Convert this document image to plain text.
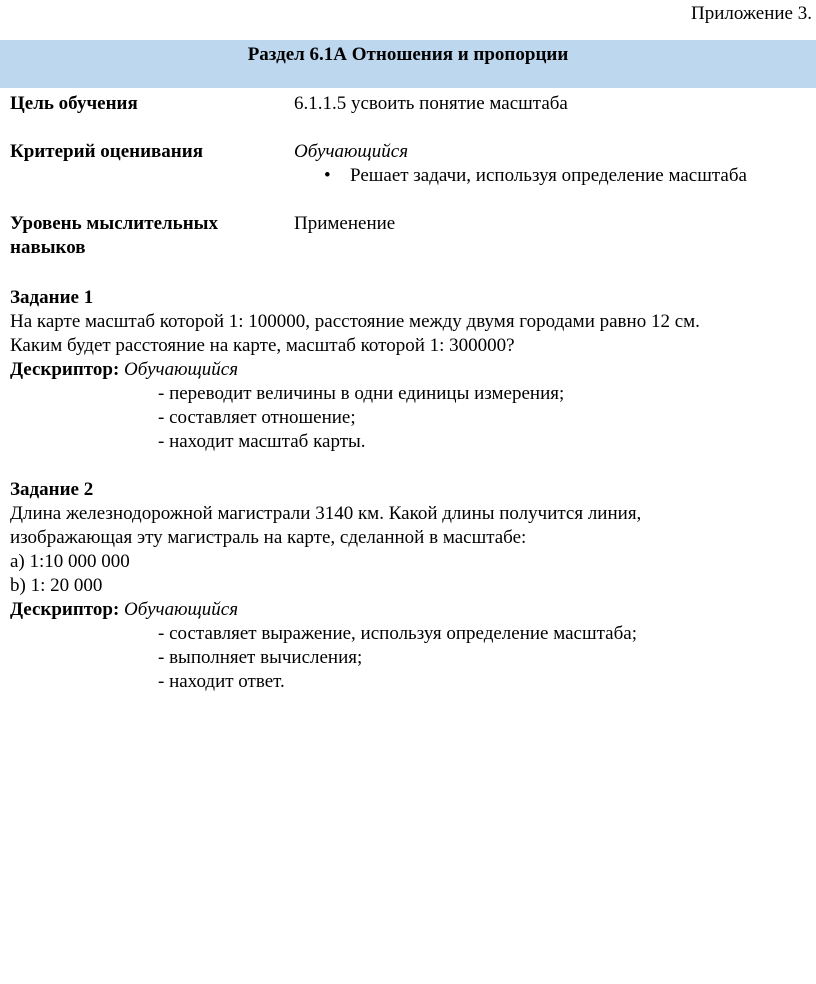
Приложение 3.
Раздел 6.1А Отношения и пропорции
Цель обучения	6.1.1.5 усвоить понятие масштаба
Критерий оценивания	Обучающийся
• Решает задачи, используя определение масштаба
Уровень мыслительных
навыков
Применение
Задание 1
На карте масштаб которой 1: 100000, расстояние между двумя городами равно 12 см.
Каким будет расстояние на карте, масштаб которой 1: 300000?
Дескриптор: Обучающийся
- переводит величины в одни единицы измерения;
- составляет отношение;
- находит масштаб карты.
Задание 2
Длина железнодорожной магистрали 3140 км. Какой длины получится линия,
изображающая эту магистраль на карте, сделанной в масштабе:
a) 1:10 000 000
b) 1: 20 000
Дескриптор: Обучающийся
- составляет выражение, используя определение масштаба;
- выполняет вычисления;
- находит ответ.
